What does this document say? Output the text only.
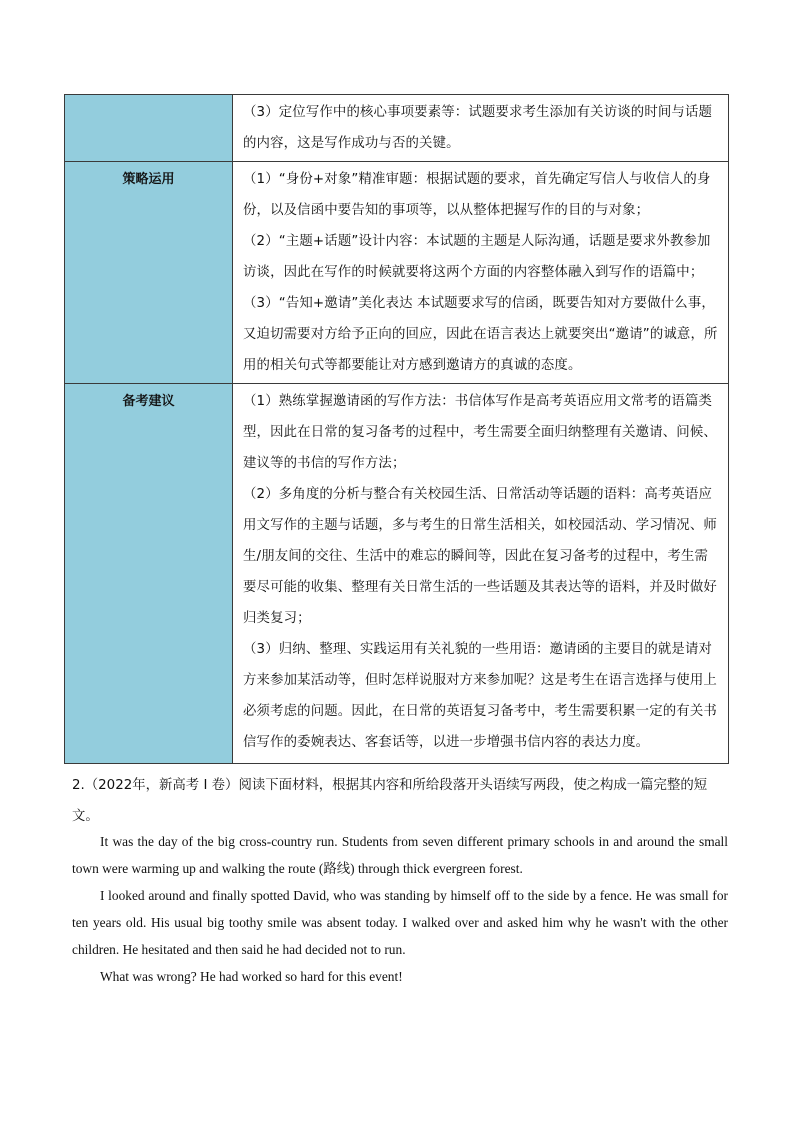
	（3）定位写作中的核心事项要素等：试题要求考生添加有关访谈的时间与话题的内容，这是写作成功与否的关键。

策略运用	（1）“身份+对象”精准审题：根据试题的要求，首先确定写信人与收信人的身份，以及信函中要告知的事项等，以从整体把握写作的目的与对象；

（2）“主题+话题”设计内容：本试题的主题是人际沟通，话题是要求外教参加访谈，因此在写作的时候就要将这两个方面的内容整体融入到写作的语篇中；

（3）“告知+邀请”美化表达 本试题要求写的信函，既要告知对方要做什么事，又迫切需要对方给予正向的回应，因此在语言表达上就要突出“邀请”的诚意，所用的相关句式等都要能让对方感到邀请方的真诚的态度。

备考建议	（1）熟练掌握邀请函的写作方法：书信体写作是高考英语应用文常考的语篇类型，因此在日常的复习备考的过程中，考生需要全面归纳整理有关邀请、问候、建议等的书信的写作方法；

（2）多角度的分析与整合有关校园生活、日常活动等话题的语料：高考英语应用文写作的主题与话题，多与考生的日常生活相关，如校园活动、学习情况、师生/朋友间的交往、生活中的难忘的瞬间等，因此在复习备考的过程中，考生需要尽可能的收集、整理有关日常生活的一些话题及其表达等的语料，并及时做好归类复习；

（3）归纳、整理、实践运用有关礼貌的一些用语：邀请函的主要目的就是请对方来参加某活动等，但时怎样说服对方来参加呢？这是考生在语言选择与使用上必须考虑的问题。因此，在日常的英语复习备考中，考生需要积累一定的有关书信写作的委婉表达、客套话等，以进一步增强书信内容的表达力度。

2.（2022年，新高考 I 卷）阅读下面材料，根据其内容和所给段落开头语续写两段，使之构成一篇完整的短文。

It was the day of the big cross-country run. Students from seven different primary schools in and around the small town were warming up and walking the route (路线) through thick evergreen forest.

I looked around and finally spotted David, who was standing by himself off to the side by a fence. He was small for ten years old. His usual big toothy smile was absent today. I walked over and asked him why he wasn't with the other children. He hesitated and then said he had decided not to run.

What was wrong? He had worked so hard for this event!
